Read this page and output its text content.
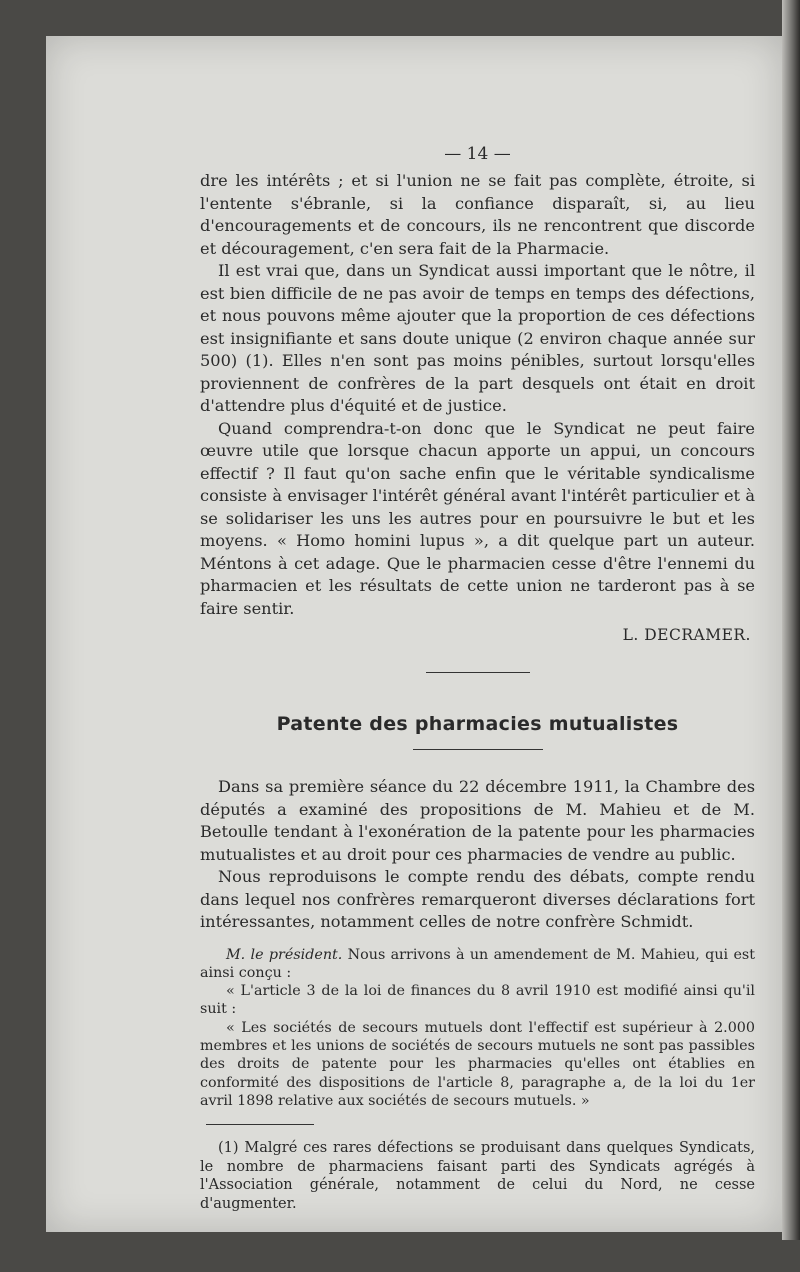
— 14 —

dre les intérêts ; et si l'union ne se fait pas complète, étroite, si l'entente s'ébranle, si la confiance disparaît, si, au lieu d'encouragements et de concours, ils ne rencontrent que discorde et découragement, c'en sera fait de la Pharmacie.

Il est vrai que, dans un Syndicat aussi important que le nôtre, il est bien difficile de ne pas avoir de temps en temps des défections, et nous pouvons même ajouter que la proportion de ces défections est insignifiante et sans doute unique (2 environ chaque année sur 500) (1). Elles n'en sont pas moins pénibles, surtout lorsqu'elles proviennent de confrères de la part desquels ont était en droit d'attendre plus d'équité et de justice.

Quand comprendra-t-on donc que le Syndicat ne peut faire œuvre utile que lorsque chacun apporte un appui, un concours effectif ? Il faut qu'on sache enfin que le véritable syndicalisme consiste à envisager l'intérêt général avant l'intérêt particulier et à se solidariser les uns les autres pour en poursuivre le but et les moyens. « Homo homini lupus », a dit quelque part un auteur. Méntons à cet adage. Que le pharmacien cesse d'être l'ennemi du pharmacien et les résultats de cette union ne tarderont pas à se faire sentir.

L. DECRAMER.
Patente des pharmacies mutualistes

Dans sa première séance du 22 décembre 1911, la Chambre des députés a examiné des propositions de M. Mahieu et de M. Betoulle tendant à l'exonération de la patente pour les pharmacies mutualistes et au droit pour ces pharmacies de vendre au public.

Nous reproduisons le compte rendu des débats, compte rendu dans lequel nos confrères remarqueront diverses déclarations fort intéressantes, notamment celles de notre confrère Schmidt.

M. le président. Nous arrivons à un amendement de M. Mahieu, qui est ainsi conçu :

« L'article 3 de la loi de finances du 8 avril 1910 est modifié ainsi qu'il suit :

« Les sociétés de secours mutuels dont l'effectif est supérieur à 2.000 membres et les unions de sociétés de secours mutuels ne sont pas passibles des droits de patente pour les pharmacies qu'elles ont établies en conformité des dispositions de l'article 8, paragraphe a, de la loi du 1er avril 1898 relative aux sociétés de secours mutuels. »

(1) Malgré ces rares défections se produisant dans quelques Syndicats, le nombre de pharmaciens faisant parti des Syndicats agrégés à l'Association générale, notamment de celui du Nord, ne cesse d'augmenter.
